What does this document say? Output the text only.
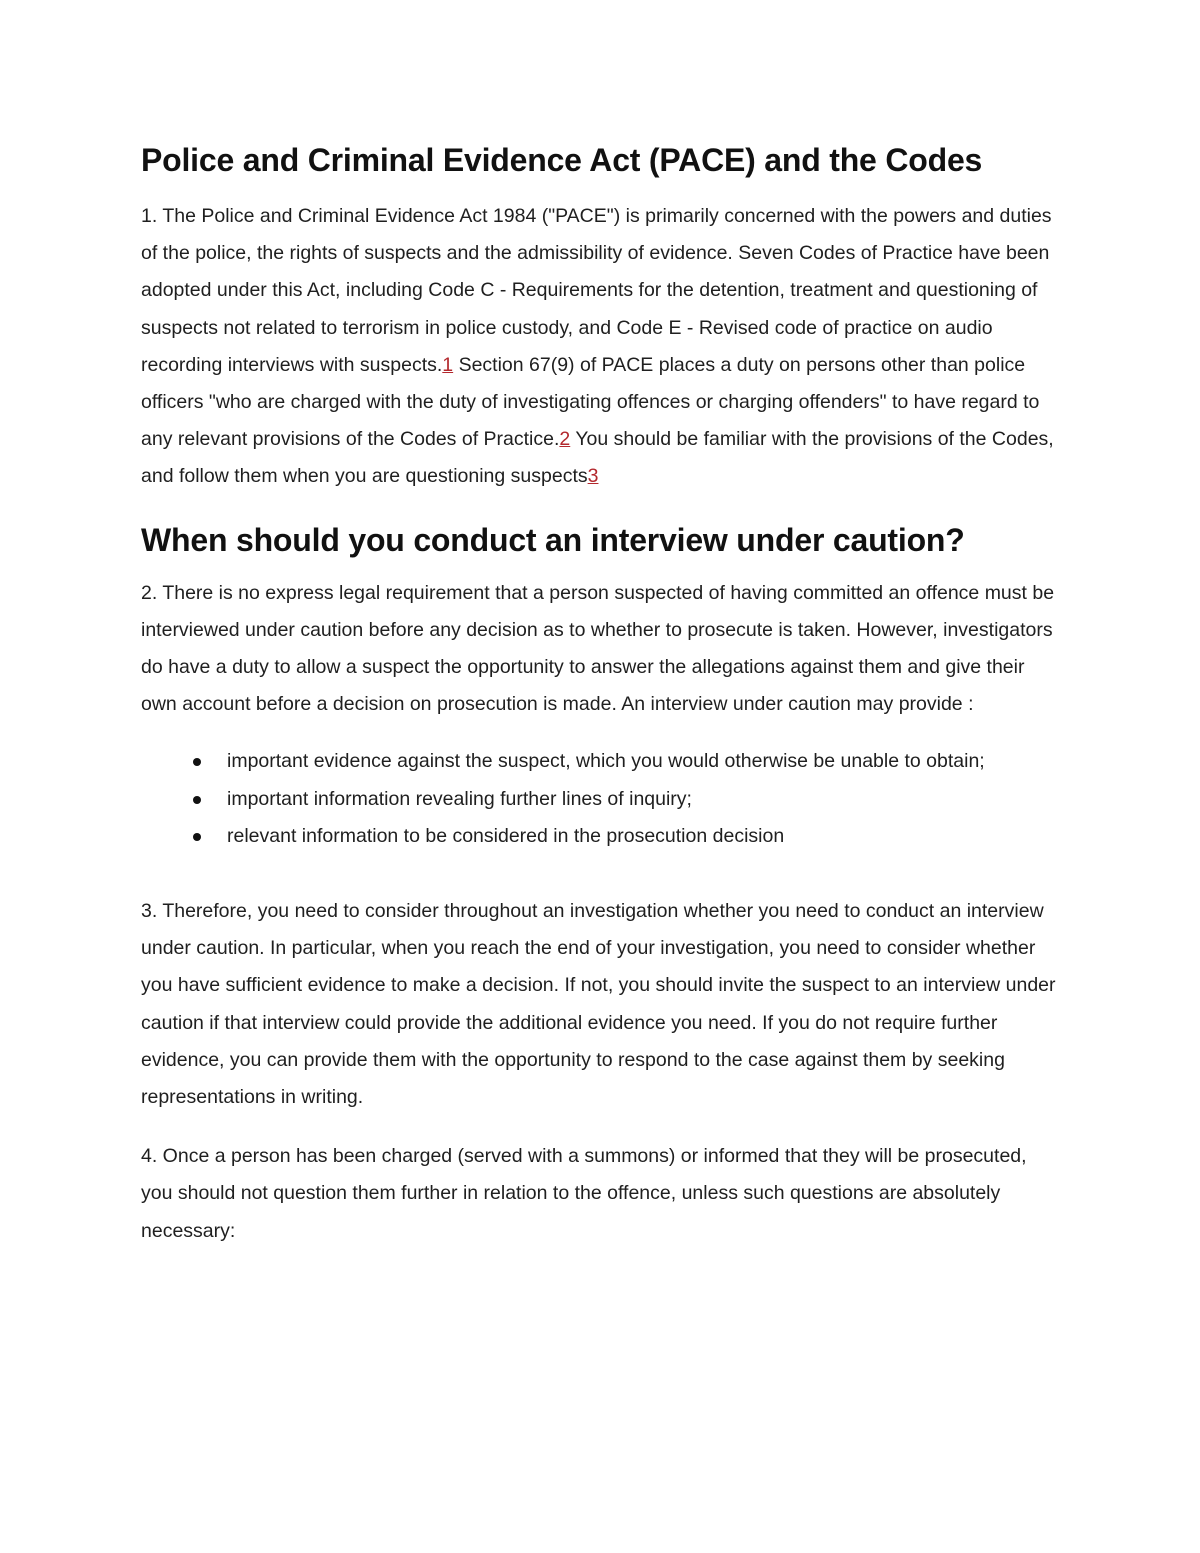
Police and Criminal Evidence Act (PACE) and the Codes

1. The Police and Criminal Evidence Act 1984 ("PACE") is primarily concerned with the powers and duties of the police, the rights of suspects and the admissibility of evidence. Seven Codes of Practice have been adopted under this Act, including Code C - Requirements for the detention, treatment and questioning of suspects not related to terrorism in police custody, and Code E - Revised code of practice on audio recording interviews with suspects.1 Section 67(9) of PACE places a duty on persons other than police officers "who are charged with the duty of investigating offences or charging offenders" to have regard to any relevant provisions of the Codes of Practice.2 You should be familiar with the provisions of the Codes, and follow them when you are questioning suspects3

When should you conduct an interview under caution?

2. There is no express legal requirement that a person suspected of having committed an offence must be interviewed under caution before any decision as to whether to prosecute is taken. However, investigators do have a duty to allow a suspect the opportunity to answer the allegations against them and give their own account before a decision on prosecution is made. An interview under caution may provide :

important evidence against the suspect, which you would otherwise be unable to obtain;
important information revealing further lines of inquiry;
relevant information to be considered in the prosecution decision

3. Therefore, you need to consider throughout an investigation whether you need to conduct an interview under caution. In particular, when you reach the end of your investigation, you need to consider whether you have sufficient evidence to make a decision. If not, you should invite the suspect to an interview under caution if that interview could provide the additional evidence you need. If you do not require further evidence, you can provide them with the opportunity to respond to the case against them by seeking representations in writing.

4. Once a person has been charged (served with a summons) or informed that they will be prosecuted, you should not question them further in relation to the offence, unless such questions are absolutely necessary:
